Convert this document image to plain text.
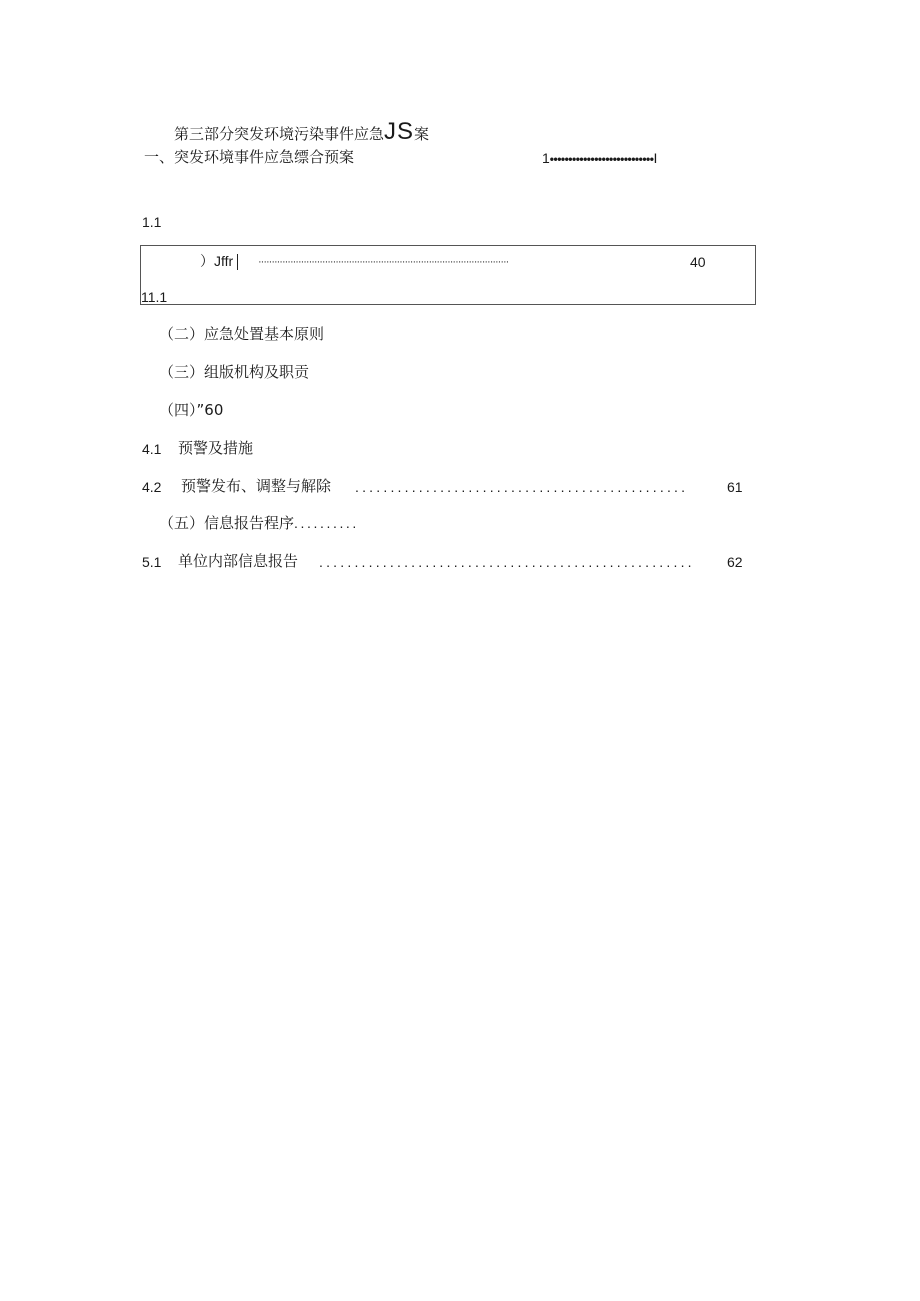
第三部分突发环境污染事件应急JS案
一、突发环境事件应急缥合预案	1••••••••••••••••••••••••••••I
1.1
）Jffr	······························································································	40
11.1
（二）应急处置基本原则
（三）组版机构及职贡
（四）”60
4.1 预警及措施
4.2 预警发布、调整与解除 ...............................................	61
（五）信息报告程序..........
5.1 单位内部信息报告 .....................................................	62
